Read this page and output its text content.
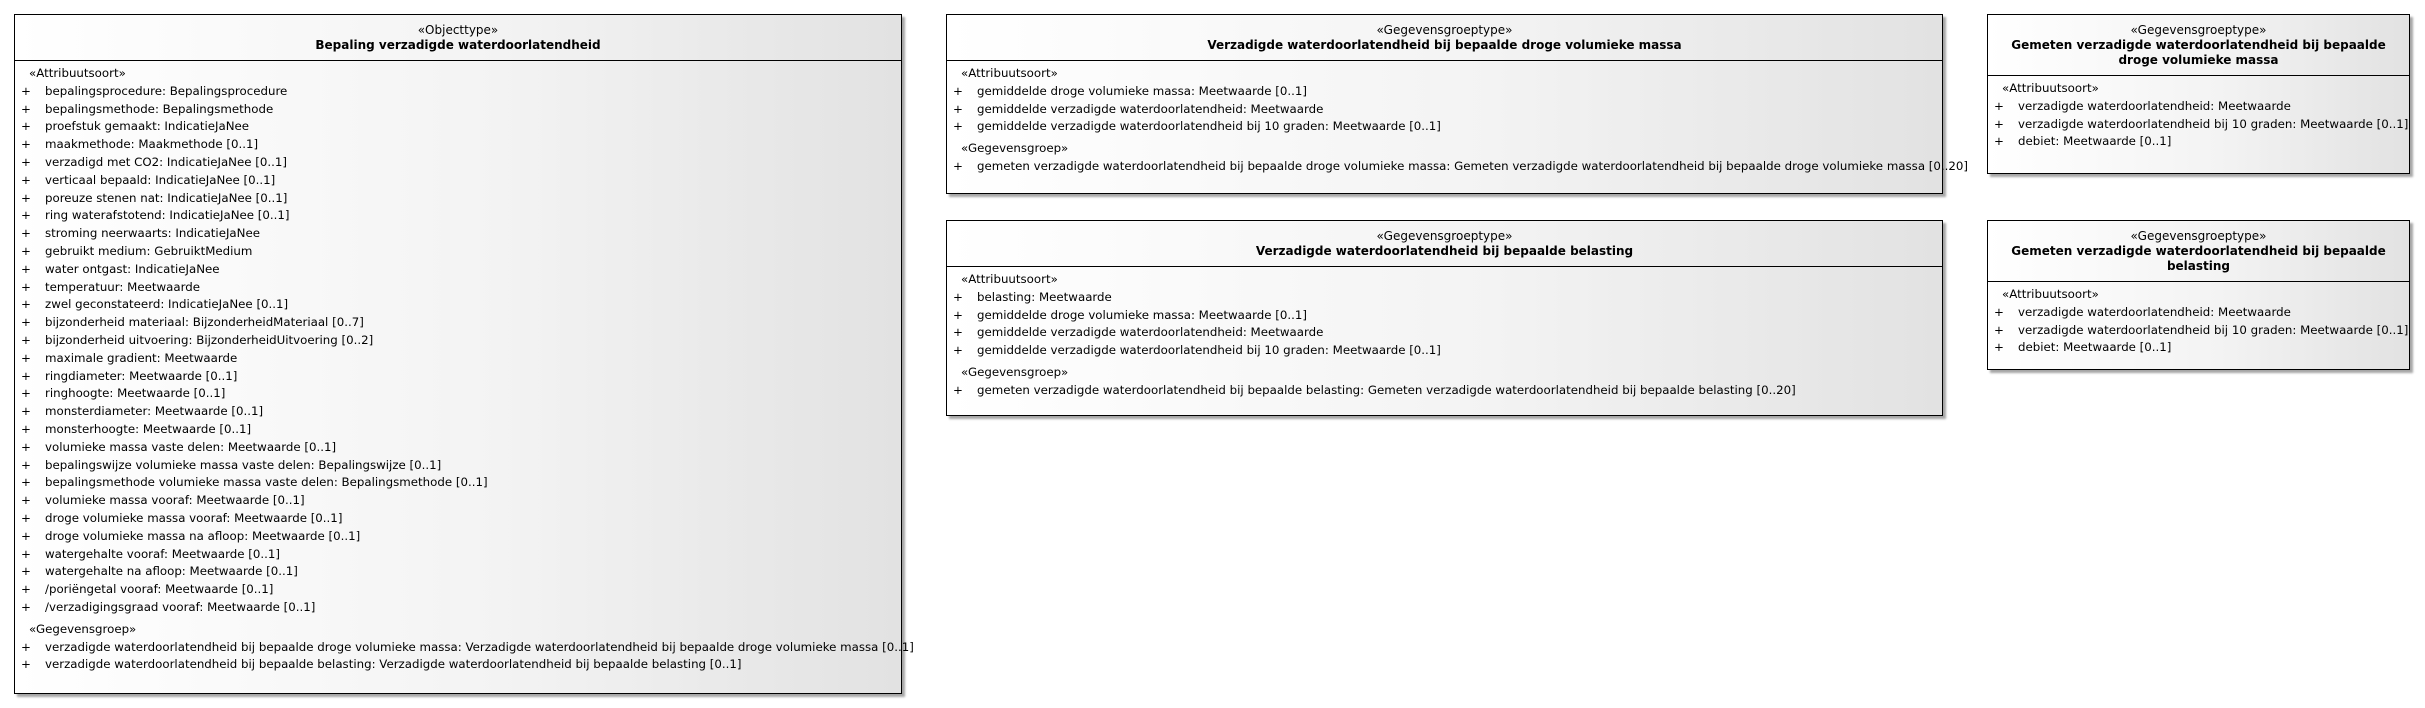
«Objecttype»
Bepaling verzadigde waterdoorlatendheid
«Attribuutsoort»
+ bepalingsprocedure: Bepalingsprocedure
+ bepalingsmethode: Bepalingsmethode
+ proefstuk gemaakt: IndicatieJaNee
+ maakmethode: Maakmethode [0..1]
+ verzadigd met CO2: IndicatieJaNee [0..1]
+ verticaal bepaald: IndicatieJaNee [0..1]
+ poreuze stenen nat: IndicatieJaNee [0..1]
+ ring waterafstotend: IndicatieJaNee [0..1]
+ stroming neerwaarts: IndicatieJaNee
+ gebruikt medium: GebruiktMedium
+ water ontgast: IndicatieJaNee
+ temperatuur: Meetwaarde
+ zwel geconstateerd: IndicatieJaNee [0..1]
+ bijzonderheid materiaal: BijzonderheidMateriaal [0..7]
+ bijzonderheid uitvoering: BijzonderheidUitvoering [0..2]
+ maximale gradient: Meetwaarde
+ ringdiameter: Meetwaarde [0..1]
+ ringhoogte: Meetwaarde [0..1]
+ monsterdiameter: Meetwaarde [0..1]
+ monsterhoogte: Meetwaarde [0..1]
+ volumieke massa vaste delen: Meetwaarde [0..1]
+ bepalingswijze volumieke massa vaste delen: Bepalingswijze [0..1]
+ bepalingsmethode volumieke massa vaste delen: Bepalingsmethode [0..1]
+ volumieke massa vooraf: Meetwaarde [0..1]
+ droge volumieke massa vooraf: Meetwaarde [0..1]
+ droge volumieke massa na afloop: Meetwaarde [0..1]
+ watergehalte vooraf: Meetwaarde [0..1]
+ watergehalte na afloop: Meetwaarde [0..1]
+ /poriëngetal vooraf: Meetwaarde [0..1]
+ /verzadigingsgraad vooraf: Meetwaarde [0..1]
«Gegevensgroep»
+ verzadigde waterdoorlatendheid bij bepaalde droge volumieke massa: Verzadigde waterdoorlatendheid bij bepaalde droge volumieke massa [0..1]
+ verzadigde waterdoorlatendheid bij bepaalde belasting: Verzadigde waterdoorlatendheid bij bepaalde belasting [0..1]
«Gegevensgroeptype»
Verzadigde waterdoorlatendheid bij bepaalde droge volumieke massa
«Attribuutsoort»
+ gemiddelde droge volumieke massa: Meetwaarde [0..1]
+ gemiddelde verzadigde waterdoorlatendheid: Meetwaarde
+ gemiddelde verzadigde waterdoorlatendheid bij 10 graden: Meetwaarde [0..1]
«Gegevensgroep»
+ gemeten verzadigde waterdoorlatendheid bij bepaalde droge volumieke massa: Gemeten verzadigde waterdoorlatendheid bij bepaalde droge volumieke massa [0..20]
«Gegevensgroeptype»
Verzadigde waterdoorlatendheid bij bepaalde belasting
«Attribuutsoort»
+ belasting: Meetwaarde
+ gemiddelde droge volumieke massa: Meetwaarde [0..1]
+ gemiddelde verzadigde waterdoorlatendheid: Meetwaarde
+ gemiddelde verzadigde waterdoorlatendheid bij 10 graden: Meetwaarde [0..1]
«Gegevensgroep»
+ gemeten verzadigde waterdoorlatendheid bij bepaalde belasting: Gemeten verzadigde waterdoorlatendheid bij bepaalde belasting [0..20]
«Gegevensgroeptype»
Gemeten verzadigde waterdoorlatendheid bij bepaalde droge volumieke massa
«Attribuutsoort»
+ verzadigde waterdoorlatendheid: Meetwaarde
+ verzadigde waterdoorlatendheid bij 10 graden: Meetwaarde [0..1]
+ debiet: Meetwaarde [0..1]
«Gegevensgroeptype»
Gemeten verzadigde waterdoorlatendheid bij bepaalde belasting
«Attribuutsoort»
+ verzadigde waterdoorlatendheid: Meetwaarde
+ verzadigde waterdoorlatendheid bij 10 graden: Meetwaarde [0..1]
+ debiet: Meetwaarde [0..1]
